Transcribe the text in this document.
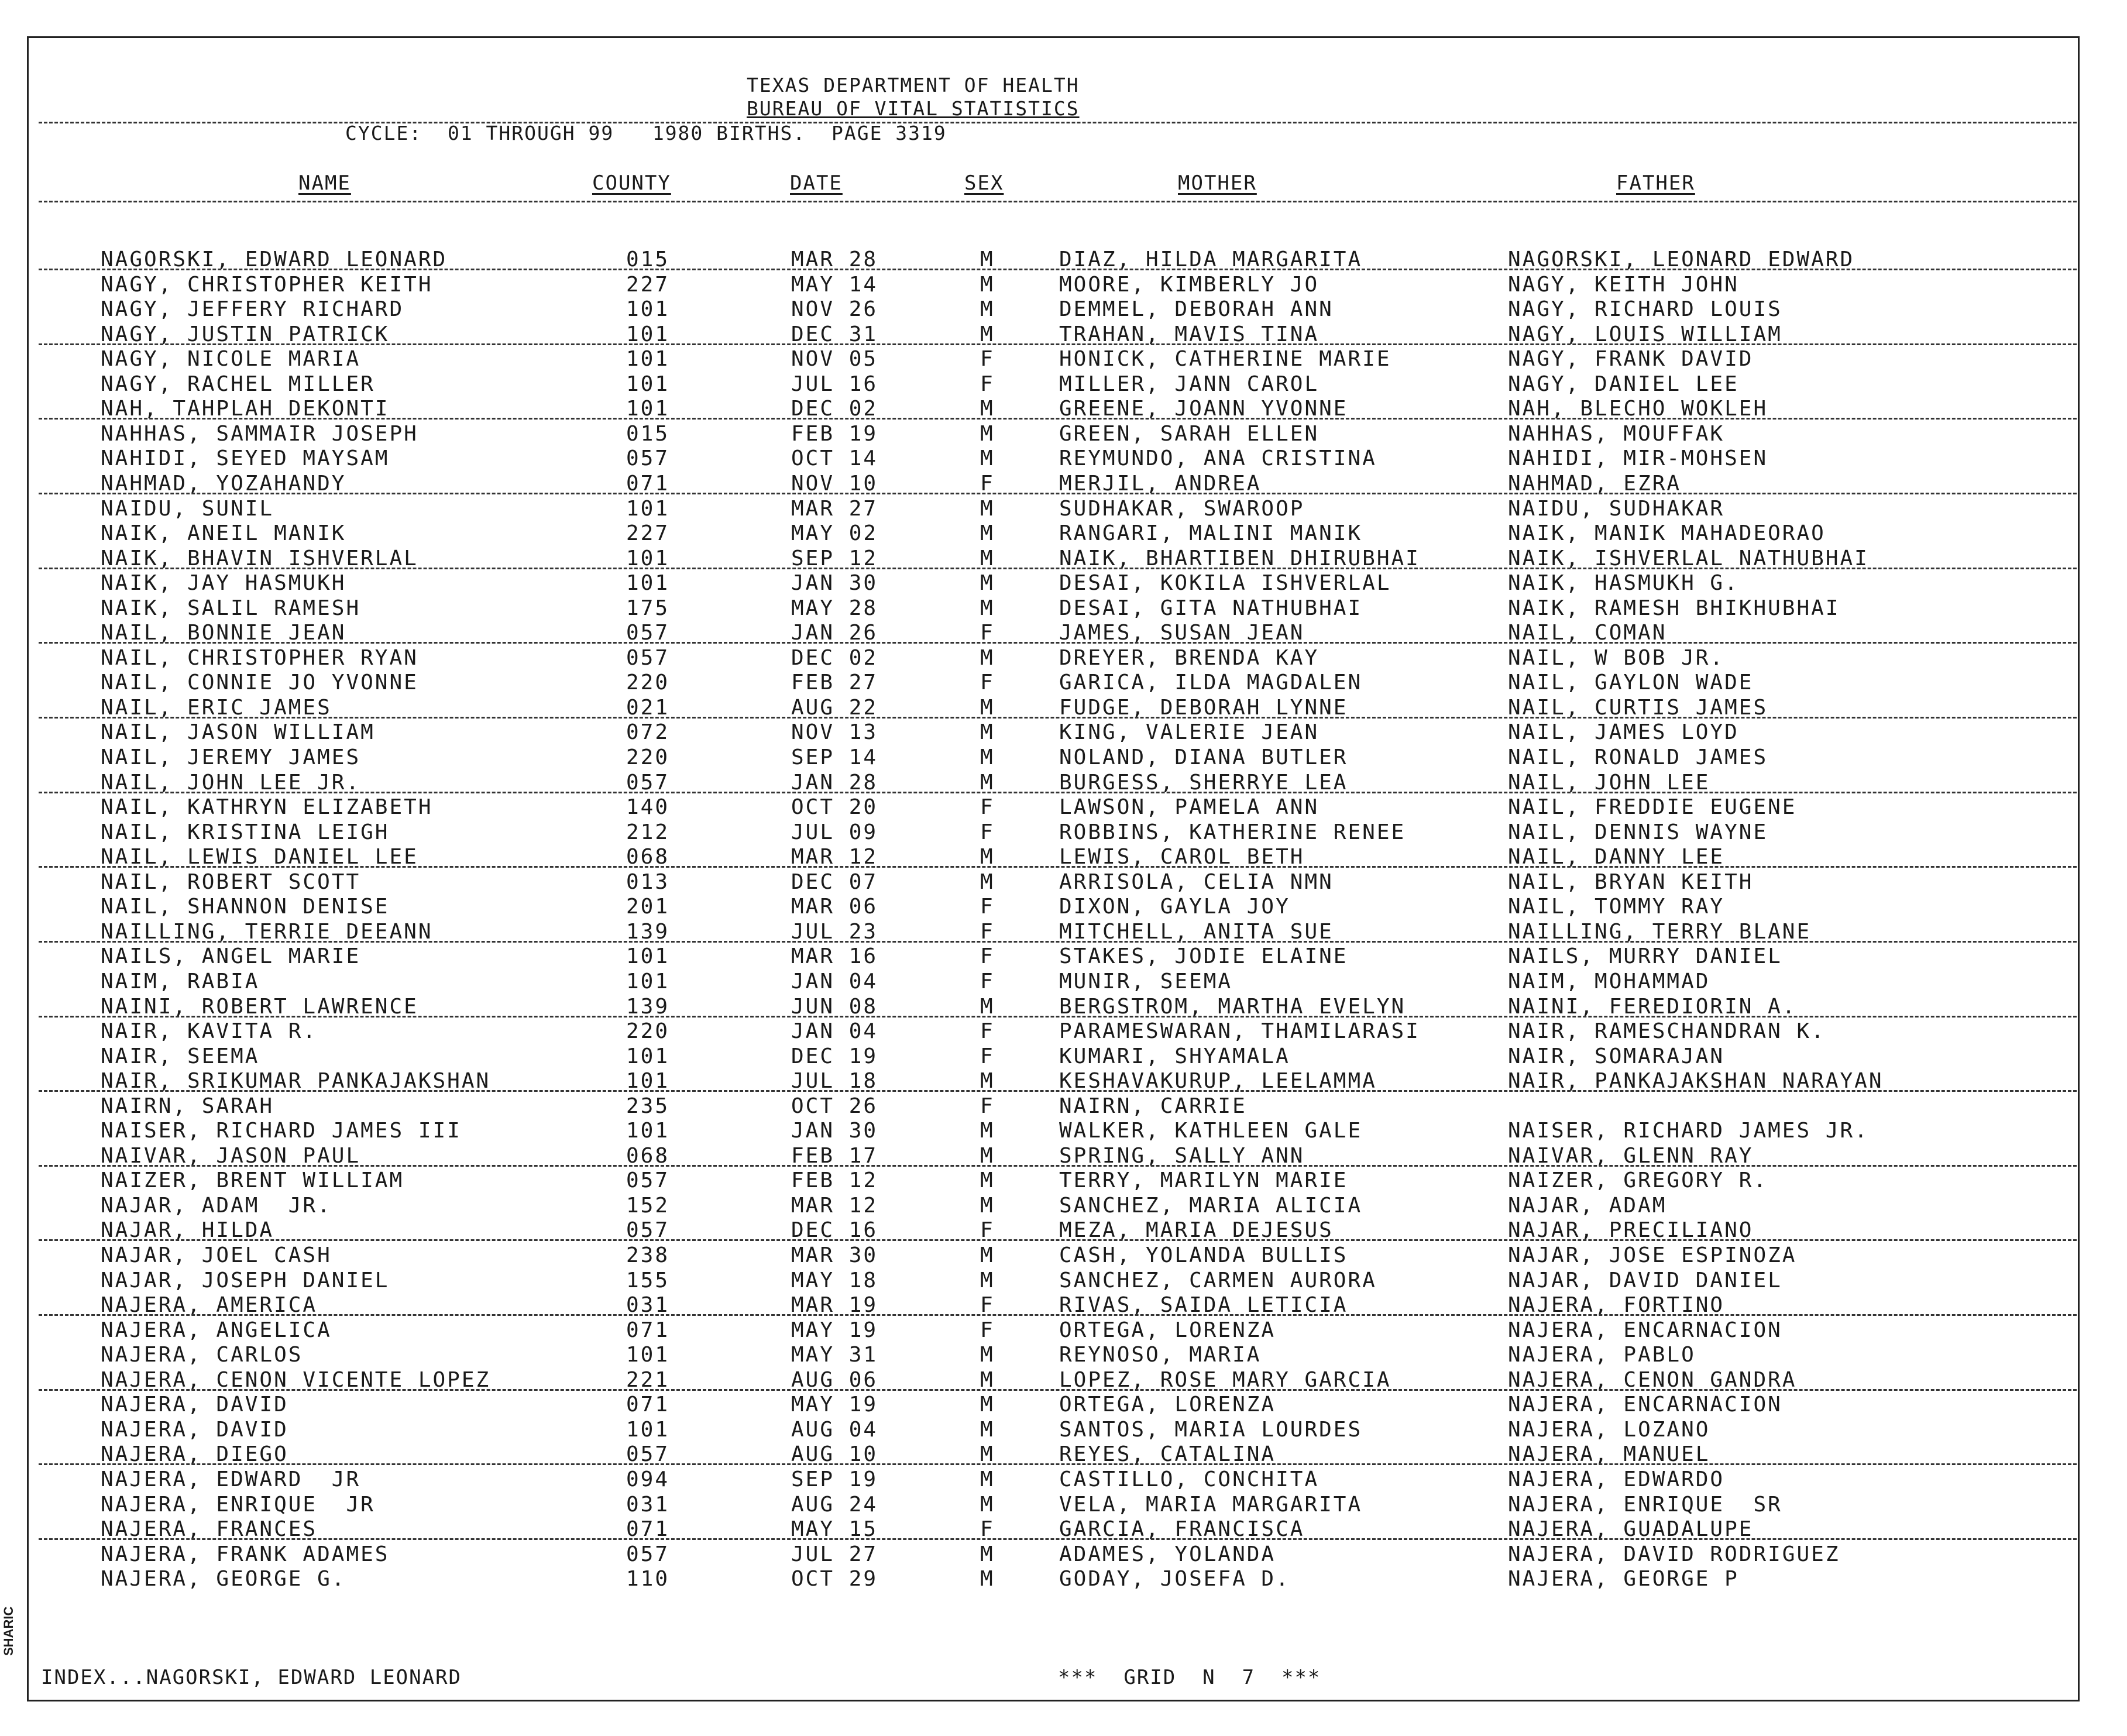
SHARIC
TEXAS DEPARTMENT OF HEALTH
BUREAU OF VITAL STATISTICS
CYCLE:  01 THROUGH 99   1980 BIRTHS.  PAGE 3319
NAME	COUNTY	DATE	SEX	MOTHER	FATHER
NAGORSKI, EDWARD LEONARD	015	MAR 28	M	DIAZ, HILDA MARGARITA	NAGORSKI, LEONARD EDWARD
NAGY, CHRISTOPHER KEITH	227	MAY 14	M	MOORE, KIMBERLY JO	NAGY, KEITH JOHN
NAGY, JEFFERY RICHARD	101	NOV 26	M	DEMMEL, DEBORAH ANN	NAGY, RICHARD LOUIS
NAGY, JUSTIN PATRICK	101	DEC 31	M	TRAHAN, MAVIS TINA	NAGY, LOUIS WILLIAM
NAGY, NICOLE MARIA	101	NOV 05	F	HONICK, CATHERINE MARIE	NAGY, FRANK DAVID
NAGY, RACHEL MILLER	101	JUL 16	F	MILLER, JANN CAROL	NAGY, DANIEL LEE
NAH, TAHPLAH DEKONTI	101	DEC 02	M	GREENE, JOANN YVONNE	NAH, BLECHO WOKLEH
NAHHAS, SAMMAIR JOSEPH	015	FEB 19	M	GREEN, SARAH ELLEN	NAHHAS, MOUFFAK
NAHIDI, SEYED MAYSAM	057	OCT 14	M	REYMUNDO, ANA CRISTINA	NAHIDI, MIR-MOHSEN
NAHMAD, YOZAHANDY	071	NOV 10	F	MERJIL, ANDREA	NAHMAD, EZRA
NAIDU, SUNIL	101	MAR 27	M	SUDHAKAR, SWAROOP	NAIDU, SUDHAKAR
NAIK, ANEIL MANIK	227	MAY 02	M	RANGARI, MALINI MANIK	NAIK, MANIK MAHADEORAO
NAIK, BHAVIN ISHVERLAL	101	SEP 12	M	NAIK, BHARTIBEN DHIRUBHAI	NAIK, ISHVERLAL NATHUBHAI
NAIK, JAY HASMUKH	101	JAN 30	M	DESAI, KOKILA ISHVERLAL	NAIK, HASMUKH G.
NAIK, SALIL RAMESH	175	MAY 28	M	DESAI, GITA NATHUBHAI	NAIK, RAMESH BHIKHUBHAI
NAIL, BONNIE JEAN	057	JAN 26	F	JAMES, SUSAN JEAN	NAIL, COMAN
NAIL, CHRISTOPHER RYAN	057	DEC 02	M	DREYER, BRENDA KAY	NAIL, W BOB JR.
NAIL, CONNIE JO YVONNE	220	FEB 27	F	GARICA, ILDA MAGDALEN	NAIL, GAYLON WADE
NAIL, ERIC JAMES	021	AUG 22	M	FUDGE, DEBORAH LYNNE	NAIL, CURTIS JAMES
NAIL, JASON WILLIAM	072	NOV 13	M	KING, VALERIE JEAN	NAIL, JAMES LOYD
NAIL, JEREMY JAMES	220	SEP 14	M	NOLAND, DIANA BUTLER	NAIL, RONALD JAMES
NAIL, JOHN LEE JR.	057	JAN 28	M	BURGESS, SHERRYE LEA	NAIL, JOHN LEE
NAIL, KATHRYN ELIZABETH	140	OCT 20	F	LAWSON, PAMELA ANN	NAIL, FREDDIE EUGENE
NAIL, KRISTINA LEIGH	212	JUL 09	F	ROBBINS, KATHERINE RENEE	NAIL, DENNIS WAYNE
NAIL, LEWIS DANIEL LEE	068	MAR 12	M	LEWIS, CAROL BETH	NAIL, DANNY LEE
NAIL, ROBERT SCOTT	013	DEC 07	M	ARRISOLA, CELIA NMN	NAIL, BRYAN KEITH
NAIL, SHANNON DENISE	201	MAR 06	F	DIXON, GAYLA JOY	NAIL, TOMMY RAY
NAILLING, TERRIE DEEANN	139	JUL 23	F	MITCHELL, ANITA SUE	NAILLING, TERRY BLANE
NAILS, ANGEL MARIE	101	MAR 16	F	STAKES, JODIE ELAINE	NAILS, MURRY DANIEL
NAIM, RABIA	101	JAN 04	F	MUNIR, SEEMA	NAIM, MOHAMMAD
NAINI, ROBERT LAWRENCE	139	JUN 08	M	BERGSTROM, MARTHA EVELYN	NAINI, FEREDIORIN A.
NAIR, KAVITA R.	220	JAN 04	F	PARAMESWARAN, THAMILARASI	NAIR, RAMESCHANDRAN K.
NAIR, SEEMA	101	DEC 19	F	KUMARI, SHYAMALA	NAIR, SOMARAJAN
NAIR, SRIKUMAR PANKAJAKSHAN	101	JUL 18	M	KESHAVAKURUP, LEELAMMA	NAIR, PANKAJAKSHAN NARAYAN
NAIRN, SARAH	235	OCT 26	F	NAIRN, CARRIE
NAISER, RICHARD JAMES III	101	JAN 30	M	WALKER, KATHLEEN GALE	NAISER, RICHARD JAMES JR.
NAIVAR, JASON PAUL	068	FEB 17	M	SPRING, SALLY ANN	NAIVAR, GLENN RAY
NAIZER, BRENT WILLIAM	057	FEB 12	M	TERRY, MARILYN MARIE	NAIZER, GREGORY R.
NAJAR, ADAM  JR.	152	MAR 12	M	SANCHEZ, MARIA ALICIA	NAJAR, ADAM
NAJAR, HILDA	057	DEC 16	F	MEZA, MARIA DEJESUS	NAJAR, PRECILIANO
NAJAR, JOEL CASH	238	MAR 30	M	CASH, YOLANDA BULLIS	NAJAR, JOSE ESPINOZA
NAJAR, JOSEPH DANIEL	155	MAY 18	M	SANCHEZ, CARMEN AURORA	NAJAR, DAVID DANIEL
NAJERA, AMERICA	031	MAR 19	F	RIVAS, SAIDA LETICIA	NAJERA, FORTINO
NAJERA, ANGELICA	071	MAY 19	F	ORTEGA, LORENZA	NAJERA, ENCARNACION
NAJERA, CARLOS	101	MAY 31	M	REYNOSO, MARIA	NAJERA, PABLO
NAJERA, CENON VICENTE LOPEZ	221	AUG 06	M	LOPEZ, ROSE MARY GARCIA	NAJERA, CENON GANDRA
NAJERA, DAVID	071	MAY 19	M	ORTEGA, LORENZA	NAJERA, ENCARNACION
NAJERA, DAVID	101	AUG 04	M	SANTOS, MARIA LOURDES	NAJERA, LOZANO
NAJERA, DIEGO	057	AUG 10	M	REYES, CATALINA	NAJERA, MANUEL
NAJERA, EDWARD  JR	094	SEP 19	M	CASTILLO, CONCHITA	NAJERA, EDWARDO
NAJERA, ENRIQUE  JR	031	AUG 24	M	VELA, MARIA MARGARITA	NAJERA, ENRIQUE  SR
NAJERA, FRANCES	071	MAY 15	F	GARCIA, FRANCISCA	NAJERA, GUADALUPE
NAJERA, FRANK ADAMES	057	JUL 27	M	ADAMES, YOLANDA	NAJERA, DAVID RODRIGUEZ
NAJERA, GEORGE G.	110	OCT 29	M	GODAY, JOSEFA D.	NAJERA, GEORGE P
INDEX...NAGORSKI, EDWARD LEONARD	***  GRID  N  7  ***
